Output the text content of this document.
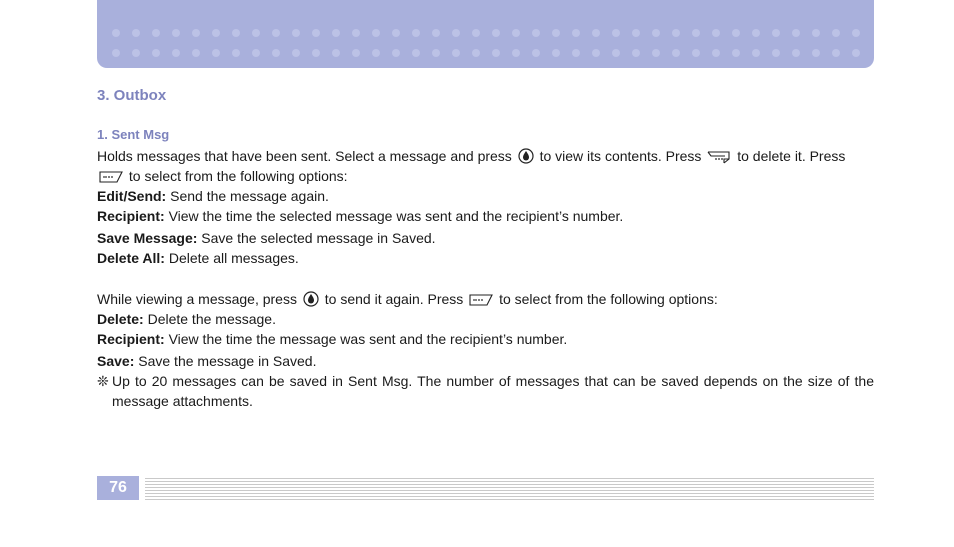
3. Outbox
1. Sent Msg

Holds messages that have been sent. Select a message and press to view its contents. Press	to delete it. Press
to select from the following options:

Edit/Send: Send the message again.

Recipient: View the time the selected message was sent and the recipient’s number.

Save Message: Save the selected message in Saved.

Delete All: Delete all messages.

While viewing a message, press to send it again. Press	to select from the following options:

Delete: Delete the message.

Recipient: View the time the message was sent and the recipient’s number.

Save: Save the message in Saved.

❊ Up to 20 messages can be saved in Sent Msg. The number of messages that can be saved depends on the size of the message attachments.

76
